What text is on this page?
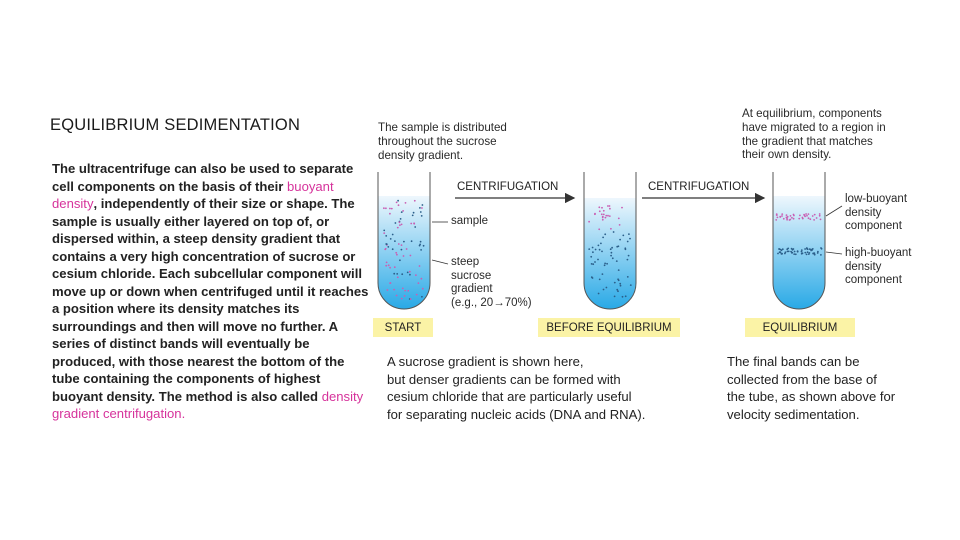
EQUILIBRIUM SEDIMENTATION
The ultracentrifuge can also be used to separate cell components on the basis of their buoyant density, independently of their size or shape. The sample is usually either layered on top of, or dispersed within, a steep density gradient that contains a very high concentration of sucrose or cesium chloride. Each subcellular component will move up or down when centrifuged until it reaches a position where its density matches its surroundings and then will move no further. A series of distinct bands will eventually be produced, with those nearest the bottom of the tube containing the components of highest buoyant density. The method is also called density gradient centrifugation.
The sample is distributed
throughout the sucrose
density gradient.
At equilibrium, components
have migrated to a region in
the gradient that matches
their own density.
CENTRIFUGATION	CENTRIFUGATION
sample
steep
sucrose
gradient
(e.g., 20→70%)
low-buoyant
density
component
high-buoyant
density
component
START	BEFORE EQUILIBRIUM	EQUILIBRIUM
A sucrose gradient is shown here,
but denser gradients can be formed with
cesium chloride that are particularly useful
for separating nucleic acids (DNA and RNA).
The final bands can be
collected from the base of
the tube, as shown above for
velocity sedimentation.
